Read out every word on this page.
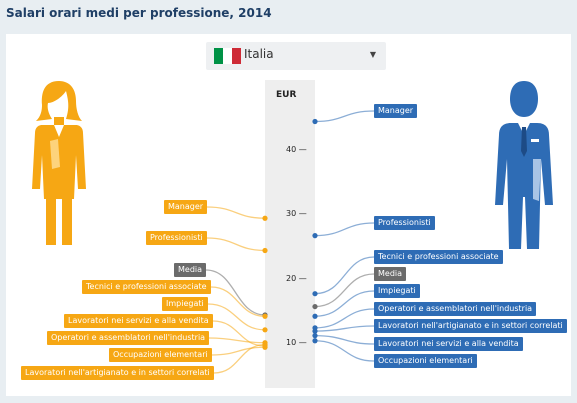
Salari orari medi per professione, 2014
Italia	▼
EUR
10 —
20 —
30 —
40 —
Manager
Professionisti
Media
Tecnici e professioni associate
Impiegati
Lavoratori nei servizi e alla vendita
Operatori e assemblatori nell'industria
Occupazioni elementari
Lavoratori nell'artigianato e in settori correlati
Manager
Professionisti
Tecnici e professioni associate
Media
Impiegati
Operatori e assemblatori nell'industria
Lavoratori nell'artigianato e in settori correlati
Lavoratori nei servizi e alla vendita
Occupazioni elementari
